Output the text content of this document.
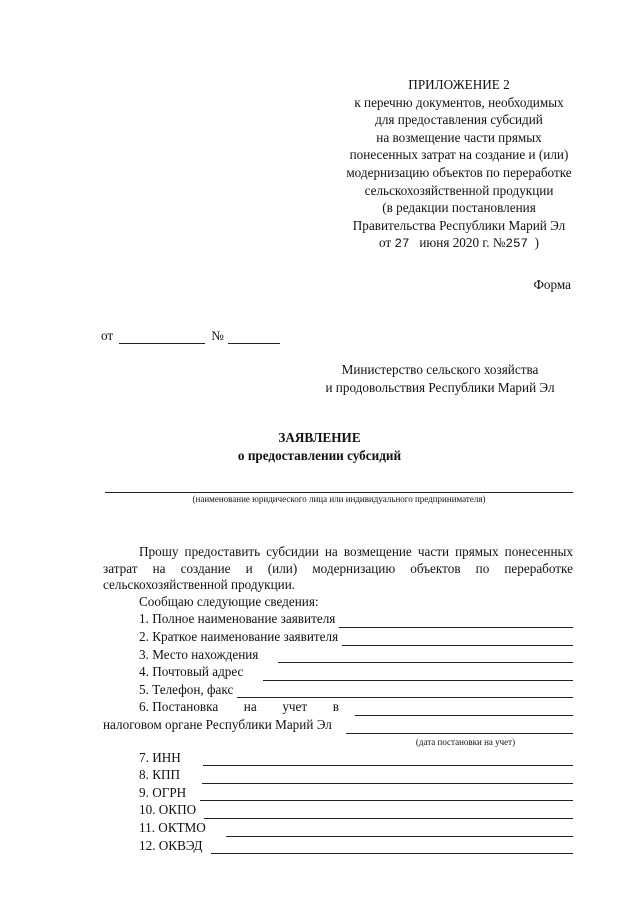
ПРИЛОЖЕНИЕ 2
к перечню документов, необходимых
для предоставления субсидий
на возмещение части прямых
понесенных затрат на создание и (или)
модернизацию объектов по переработке
сельскохозяйственной продукции
(в редакции постановления
Правительства Республики Марий Эл
от 27 июня 2020 г. №257 )
Форма
от	№
Министерство сельского хозяйства
и продовольствия Республики Марий Эл
ЗАЯВЛЕНИЕ
о предоставлении субсидий
(наименование юридического лица или индивидуального предпринимателя)
Прошу предоставить субсидии на возмещение части прямых понесенных затрат на создание и (или) модернизацию объектов по переработке сельскохозяйственной продукции.
Сообщаю следующие сведения:
1. Полное наименование заявителя
2. Краткое наименование заявителя
3. Место нахождения
4. Почтовый адрес
5. Телефон, факс
6. Постановка на учет в
налоговом органе Республики Марий Эл
(дата постановки на учет)
7. ИНН
8. КПП
9. ОГРН
10. ОКПО
11. ОКТМО
12. ОКВЭД
